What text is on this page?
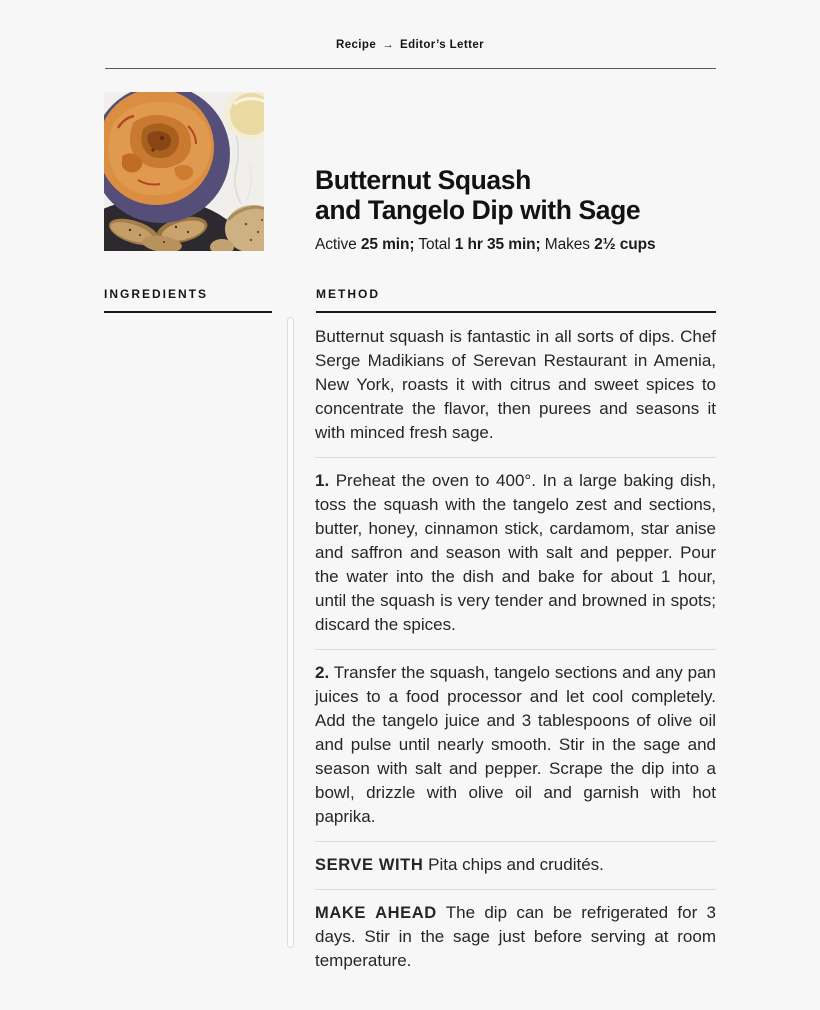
Recipe → Editor’s Letter
Butternut Squash
and Tangelo Dip with Sage
Active 25 min; Total 1 hr 35 min; Makes 2½ cups
INGREDIENTS	METHOD

Butternut squash is fantastic in all sorts of dips. Chef Serge Madikians of Serevan Restaurant in Amenia, New York, roasts it with citrus and sweet spices to concentrate the flavor, then purees and seasons it with minced fresh sage.

1. Preheat the oven to 400°. In a large baking dish, toss the squash with the tangelo zest and sections, butter, honey, cinnamon stick, cardamom, star anise and saffron and season with salt and pepper. Pour the water into the dish and bake for about 1 hour, until the squash is very tender and browned in spots; discard the spices.

2. Transfer the squash, tangelo sections and any pan juices to a food processor and let cool completely. Add the tangelo juice and 3 tablespoons of olive oil and pulse until nearly smooth. Stir in the sage and season with salt and pepper. Scrape the dip into a bowl, drizzle with olive oil and garnish with hot paprika.

SERVE WITH Pita chips and crudités.

MAKE AHEAD The dip can be refrigerated for 3 days. Stir in the sage just before serving at room temperature.
